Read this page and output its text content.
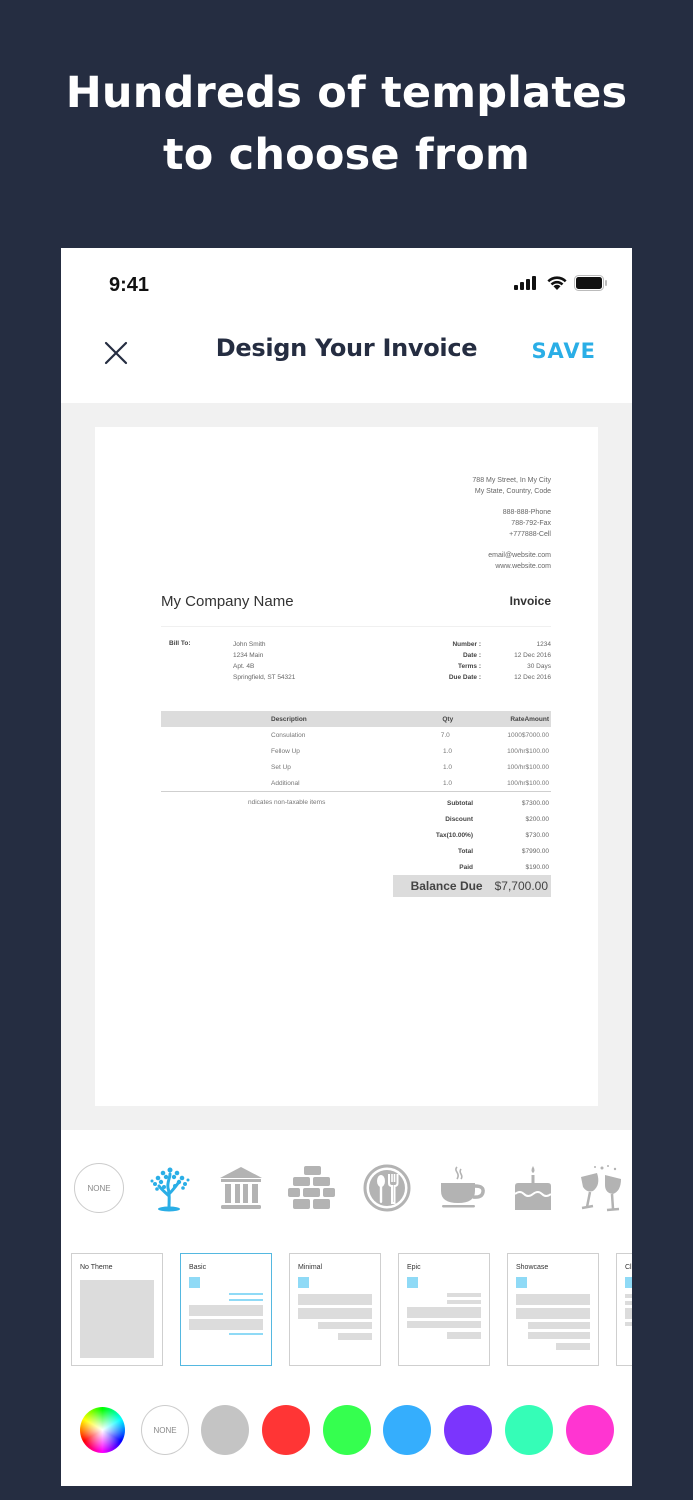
Hundreds of templates
to choose from
9:41
Design Your Invoice	SAVE
788 My Street, In My City
My State, Country, Code
888-888-Phone
788-792-Fax
+777888-Cell
email@website.com
www.website.com
My Company Name	Invoice
Bill To:	John Smith
1234 Main
Apt. 4B
Springfield, ST 54321
Number :	1234
Date :	12 Dec 2016
Terms :	30 Days
Due Date :	12 Dec 2016
Description	Qty	Rate Amount
Consulation	7.0	1000 $7000.00
Fellow Up	1.0	100/hr $100.00
Set Up	1.0	100/hr $100.00
Additional	1.0	100/hr $100.00
ndicates non-taxable items	Subtotal	$7300.00
Discount	$200.00
Tax(10.00%)	$730.00
Total	$7990.00
Paid	$190.00
Balance Due	$7,700.00
NONE
No Theme	Basic	Minimal	Epic	Showcase	Cl
NONE
